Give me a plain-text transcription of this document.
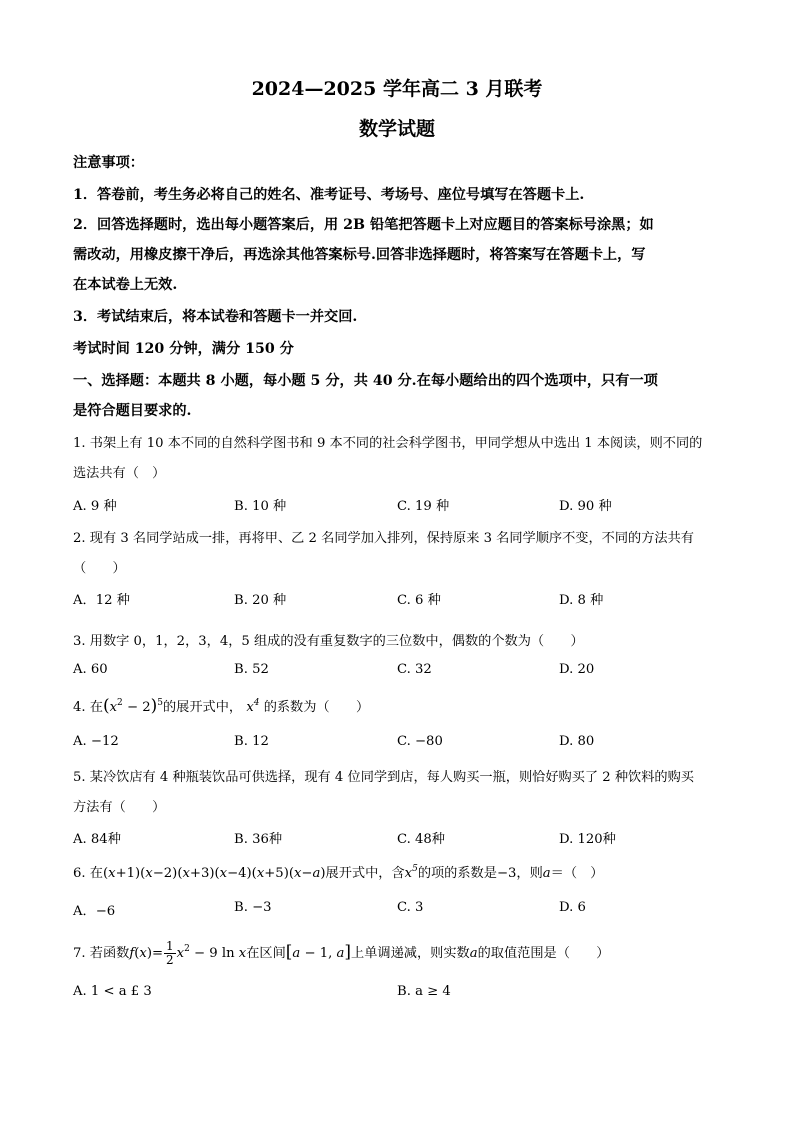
2024—2025 学年高二 3 月联考
数学试题
注意事项：
1．答卷前，考生务必将自己的姓名、准考证号、考场号、座位号填写在答题卡上.
2．回答选择题时，选出每小题答案后，用 2B 铅笔把答题卡上对应题目的答案标号涂黑；如
需改动，用橡皮擦干净后，再选涂其他答案标号.回答非选择题时，将答案写在答题卡上，写
在本试卷上无效.
3．考试结束后，将本试卷和答题卡一并交回.
考试时间 120 分钟，满分 150 分
一、选择题：本题共 8 小题，每小题 5 分，共 40 分.在每小题给出的四个选项中，只有一项
是符合题目要求的.
1. 书架上有 10 本不同的自然科学图书和 9 本不同的社会科学图书，甲同学想从中选出 1 本阅读，则不同的
选法共有（　）
A. 9 种	B. 10 种	C. 19 种	D. 90 种
2. 现有 3 名同学站成一排，再将甲、乙 2 名同学加入排列，保持原来 3 名同学顺序不变，不同的方法共有
（　　）
A．12 种	B. 20 种	C. 6 种	D. 8 种
3. 用数字 0，1，2，3，4，5 组成的没有重复数字的三位数中，偶数的个数为（　　）
A. 60	B. 52	C. 32	D. 20
4. 在$(x^2 - 2)^5$的展开式中， $x^4$ 的系数为（　　）
A. −12	B. 12	C. −80	D. 80
5. 某冷饮店有 4 种瓶装饮品可供选择，现有 4 位同学到店，每人购买一瓶，则恰好购买了 2 种饮料的购买
方法有（　　）
A. 84种	B. 36种	C. 48种	D. 120种
6. 在(x+1)(x−2)(x+3)(x−4)(x+5)(x−a)展开式中，含$x^5$的项的系数是−3，则a＝（　）
A．−6	B. −3	C. 3	D. 6
7. 若函数$f(x)= \frac{1}{2} x^2 - 9$ ln x在区间[a − 1, a]上单调递减，则实数a的取值范围是（　　）
A. 1 < a £ 3	B. a ≥ 4
